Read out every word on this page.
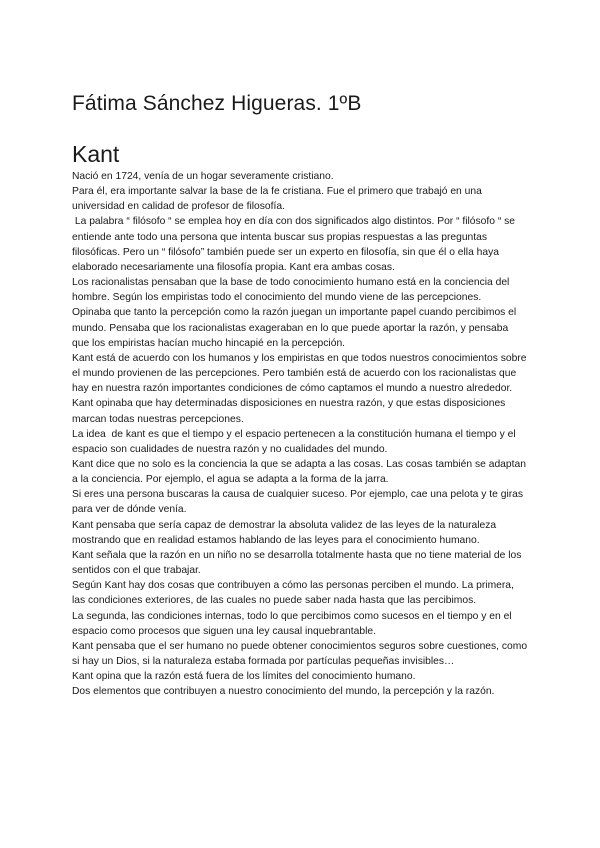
Fátima Sánchez Higueras. 1ºB
Kant

Nació en 1724, venía de un hogar severamente cristiano.

Para él, era importante salvar la base de la fe cristiana. Fue el primero que trabajó en una universidad en calidad de profesor de filosofía.

La palabra “ filósofo “ se emplea hoy en día con dos significados algo distintos. Por “ filósofo “ se entiende ante todo una persona que intenta buscar sus propias respuestas a las preguntas filosóficas. Pero un “ filósofo” también puede ser un experto en filosofía, sin que él o ella haya elaborado necesariamente una filosofía propia. Kant era ambas cosas.

Los racionalistas pensaban que la base de todo conocimiento humano está en la conciencia del hombre. Según los empiristas todo el conocimiento del mundo viene de las percepciones.

Opinaba que tanto la percepción como la razón juegan un importante papel cuando percibimos el mundo. Pensaba que los racionalistas exageraban en lo que puede aportar la razón, y pensaba que los empiristas hacían mucho hincapié en la percepción.

Kant está de acuerdo con los humanos y los empiristas en que todos nuestros conocimientos sobre el mundo provienen de las percepciones. Pero también está de acuerdo con los racionalistas que hay en nuestra razón importantes condiciones de cómo captamos el mundo a nuestro alrededor.

Kant opinaba que hay determinadas disposiciones en nuestra razón, y que estas disposiciones marcan todas nuestras percepciones.

La idea  de kant es que el tiempo y el espacio pertenecen a la constitución humana el tiempo y el espacio son cualidades de nuestra razón y no cualidades del mundo.

Kant dice que no solo es la conciencia la que se adapta a las cosas. Las cosas también se adaptan a la conciencia. Por ejemplo, el agua se adapta a la forma de la jarra.

Si eres una persona buscaras la causa de cualquier suceso. Por ejemplo, cae una pelota y te giras para ver de dónde venía.

Kant pensaba que sería capaz de demostrar la absoluta validez de las leyes de la naturaleza mostrando que en realidad estamos hablando de las leyes para el conocimiento humano.

Kant señala que la razón en un niño no se desarrolla totalmente hasta que no tiene material de los sentidos con el que trabajar.

Según Kant hay dos cosas que contribuyen a cómo las personas perciben el mundo. La primera, las condiciones exteriores, de las cuales no puede saber nada hasta que las percibimos.

La segunda, las condiciones internas, todo lo que percibimos como sucesos en el tiempo y en el espacio como procesos que siguen una ley causal inquebrantable.

Kant pensaba que el ser humano no puede obtener conocimientos seguros sobre cuestiones, como si hay un Dios, si la naturaleza estaba formada por partículas pequeñas invisibles…

Kant opina que la razón está fuera de los límites del conocimiento humano.

Dos elementos que contribuyen a nuestro conocimiento del mundo, la percepción y la razón.
